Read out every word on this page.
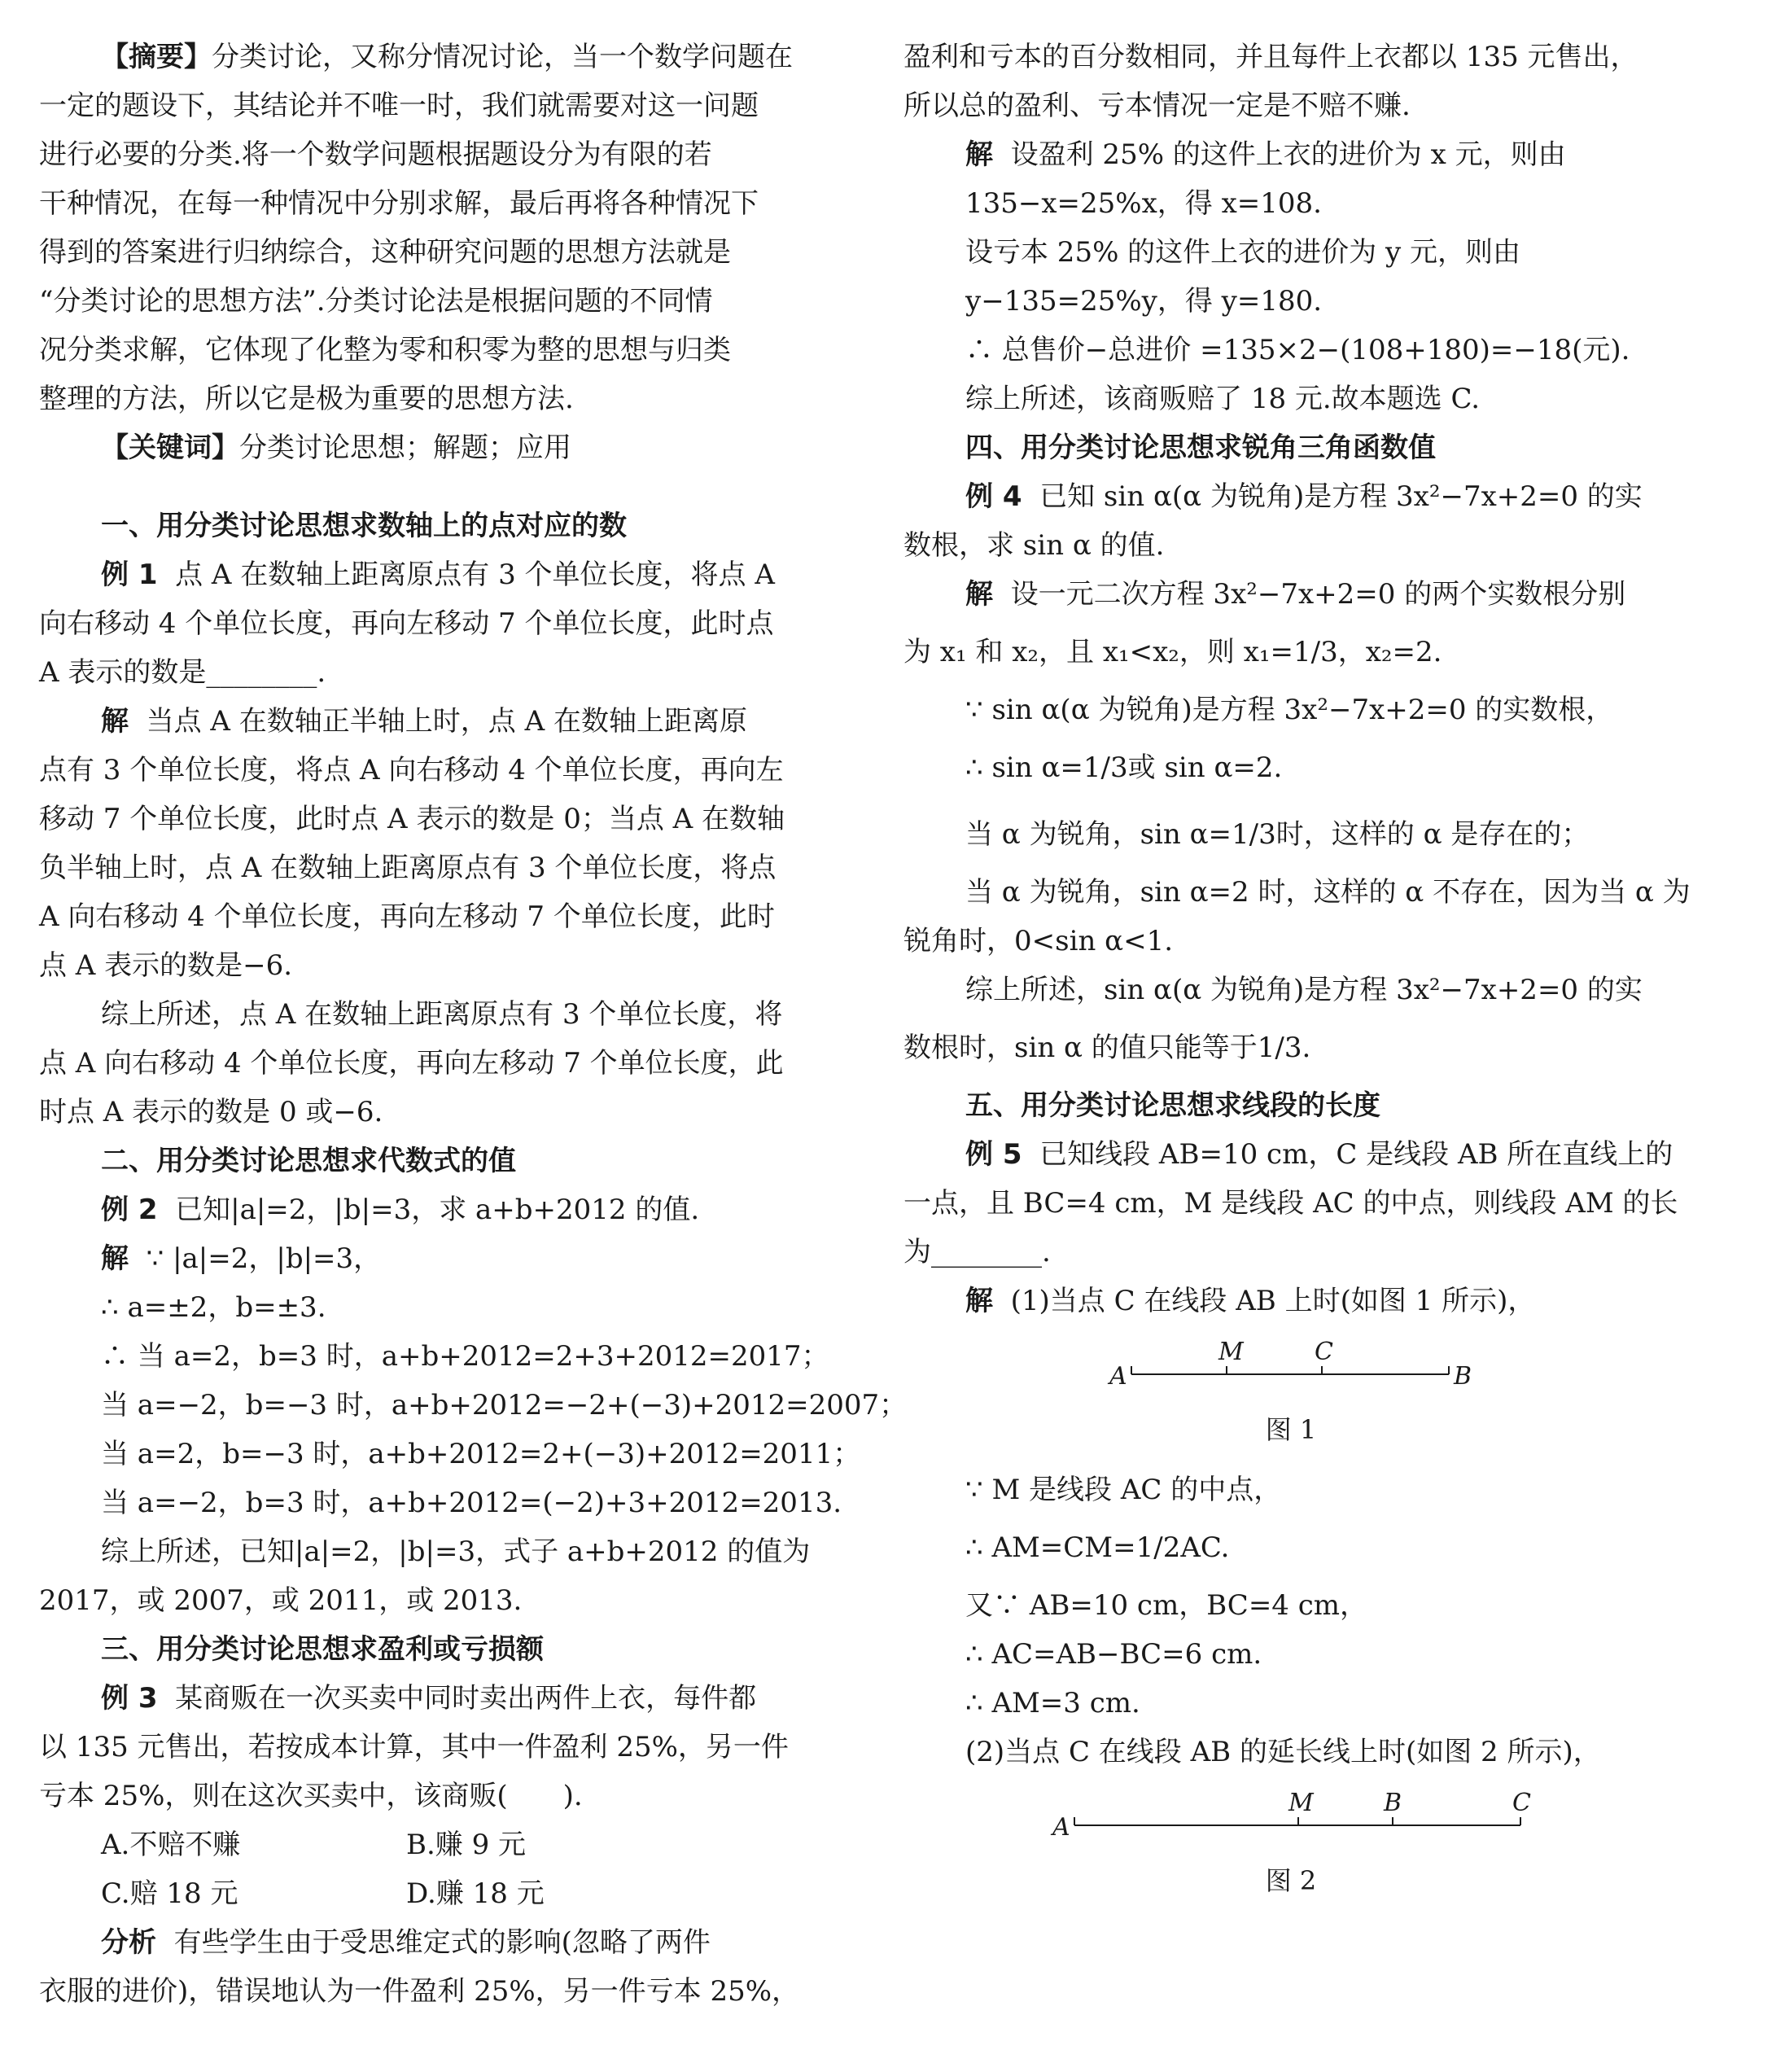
【摘要】分类讨论，又称分情况讨论，当一个数学问题在
一定的题设下，其结论并不唯一时，我们就需要对这一问题
进行必要的分类.将一个数学问题根据题设分为有限的若
干种情况，在每一种情况中分别求解，最后再将各种情况下
得到的答案进行归纳综合，这种研究问题的思想方法就是
“分类讨论的思想方法”.分类讨论法是根据问题的不同情
况分类求解，它体现了化整为零和积零为整的思想与归类
整理的方法，所以它是极为重要的思想方法.
【关键词】分类讨论思想；解题；应用
一、用分类讨论思想求数轴上的点对应的数
例 1 点 A 在数轴上距离原点有 3 个单位长度，将点 A
向右移动 4 个单位长度，再向左移动 7 个单位长度，此时点
A 表示的数是________.
解 当点 A 在数轴正半轴上时，点 A 在数轴上距离原
点有 3 个单位长度，将点 A 向右移动 4 个单位长度，再向左
移动 7 个单位长度，此时点 A 表示的数是 0；当点 A 在数轴
负半轴上时，点 A 在数轴上距离原点有 3 个单位长度，将点
A 向右移动 4 个单位长度，再向左移动 7 个单位长度，此时
点 A 表示的数是−6.
综上所述，点 A 在数轴上距离原点有 3 个单位长度，将
点 A 向右移动 4 个单位长度，再向左移动 7 个单位长度，此
时点 A 表示的数是 0 或−6.
二、用分类讨论思想求代数式的值
例 2 已知|a|=2，|b|=3，求 a+b+2012 的值.
解 ∵ |a|=2，|b|=3，
∴ a=±2，b=±3.
∴ 当 a=2，b=3 时，a+b+2012=2+3+2012=2017；
当 a=−2，b=−3 时，a+b+2012=−2+(−3)+2012=2007；
当 a=2，b=−3 时，a+b+2012=2+(−3)+2012=2011；
当 a=−2，b=3 时，a+b+2012=(−2)+3+2012=2013.
综上所述，已知|a|=2，|b|=3，式子 a+b+2012 的值为
2017，或 2007，或 2011，或 2013.
三、用分类讨论思想求盈利或亏损额
例 3 某商贩在一次买卖中同时卖出两件上衣，每件都
以 135 元售出，若按成本计算，其中一件盈利 25%，另一件
亏本 25%，则在这次买卖中，该商贩(　　).
A.不赔不赚	B.赚 9 元
C.赔 18 元	D.赚 18 元
分析 有些学生由于受思维定式的影响(忽略了两件
衣服的进价)，错误地认为一件盈利 25%，另一件亏本 25%，
盈利和亏本的百分数相同，并且每件上衣都以 135 元售出，
所以总的盈利、亏本情况一定是不赔不赚.
解 设盈利 25% 的这件上衣的进价为 x 元，则由
135−x=25%x，得 x=108.
设亏本 25% 的这件上衣的进价为 y 元，则由
y−135=25%y，得 y=180.
∴ 总售价−总进价 =135×2−(108+180)=−18(元).
综上所述，该商贩赔了 18 元.故本题选 C.
四、用分类讨论思想求锐角三角函数值
例 4 已知 sin α(α 为锐角)是方程 3x²−7x+2=0 的实
数根，求 sin α 的值.
解 设一元二次方程 3x²−7x+2=0 的两个实数根分别
为 x₁ 和 x₂，且 x₁<x₂，则 x₁=1/3，x₂=2.
∵ sin α(α 为锐角)是方程 3x²−7x+2=0 的实数根，
∴ sin α=1/3或 sin α=2.
当 α 为锐角，sin α=1/3时，这样的 α 是存在的；
当 α 为锐角，sin α=2 时，这样的 α 不存在，因为当 α 为
锐角时，0<sin α<1.
综上所述，sin α(α 为锐角)是方程 3x²−7x+2=0 的实
数根时，sin α 的值只能等于1/3.
五、用分类讨论思想求线段的长度
例 5 已知线段 AB=10 cm，C 是线段 AB 所在直线上的
一点，且 BC=4 cm，M 是线段 AC 的中点，则线段 AM 的长
为________.
解 (1)当点 C 在线段 AB 上时(如图 1 所示)，
A
M	C
B
图 1
∵ M 是线段 AC 的中点，
∴ AM=CM=1/2AC.
又∵ AB=10 cm，BC=4 cm，
∴ AC=AB−BC=6 cm.
∴ AM=3 cm.
(2)当点 C 在线段 AB 的延长线上时(如图 2 所示)，
A
M	B	C
图 2
